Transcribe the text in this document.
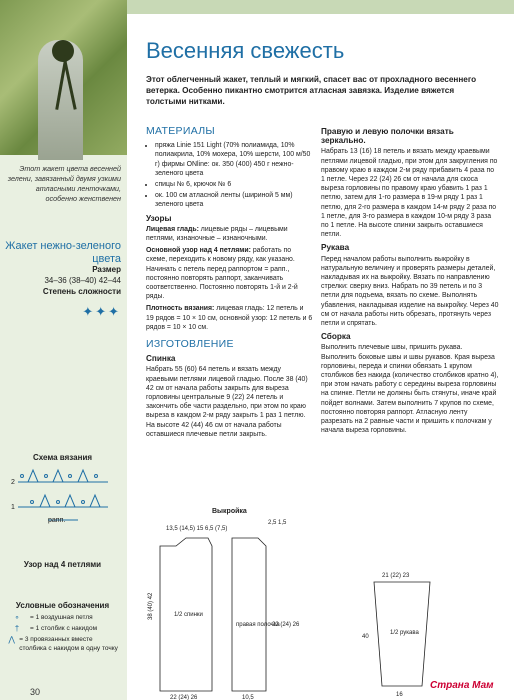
Этот жакет цвета весенней зелени, завязанный двумя узкими атласными ленточками, особенно женственен
Жакет нежно-зеленого цвета
Размер
34–36 (38–40) 42–44
Степень сложности
✦✦✦
Схема вязания
2
1
рапп.
Узор над 4 петлями
Условные обозначения
∘	= 1 воздушная петля
†	= 1 столбик с накидом
⋀ = 3 провязанных вместе столбика с накидом в одну точку
30
Весенняя свежесть
Этот облегченный жакет, теплый и мягкий, спасет вас от прохладного весеннего ветерка. Особенно пикантно смотрится атласная завязка. Изделие вяжется толстыми нитками.
МАТЕРИАЛЫ
• пряжа Linie 151 Light (70% полиамида, 10% полиакрила, 10% мохера, 10% шерсти, 100 м/50 г) фирмы ONline: ок. 350 (400) 450 г нежно-зеленого цвета
• спицы № 6, крючок № 6
• ок. 100 см атласной ленты (шириной 5 мм) зеленого цвета
Узоры

Лицевая гладь: лицевые ряды – лицевыми петлями, изнаночные – изнаночными.

Основной узор над 4 петлями: работать по схеме, переходить к новому ряду, как указано. Начинать с петель перед раппортом = рапп., постоянно повторять раппорт, заканчивать соответственно. Постоянно повторять 1-й и 2-й ряды.

Плотность вязания: лицевая гладь: 12 петель и 19 рядов = 10 × 10 см, основной узор: 12 петель и 6 рядов = 10 × 10 см.

ИЗГОТОВЛЕНИЕ
Спинка

Набрать 55 (60) 64 петель и вязать между краевыми петлями лицевой гладью. После 38 (40) 42 см от начала работы закрыть для выреза горловины центральные 9 (22) 24 петель и закончить обе части раздельно, при этом по краю выреза в каждом 2-м ряду закрыть 1 раз 1 петлю. На высоте 42 (44) 46 см от начала работы оставшиеся плечевые петли закрыть.

Правую и левую полочки вязать зеркально.

Набрать 13 (16) 18 петель и вязать между краевыми петлями лицевой гладью, при этом для закругления по правому краю в каждом 2-м ряду прибавить 4 раза по 1 петле. Через 22 (24) 26 см от начала для скоса выреза горловины по правому краю убавить 1 раз 1 петлю, затем для 1-го размера в 19-м ряду 1 раз 1 петлю, для 2-го размера в каждом 14-м ряду 2 раза по 1 петле, для 3-го размера в каждом 10-м ряду 3 раза по 1 петле. На высоте спинки закрыть оставшиеся петли.

Рукава

Перед началом работы выполнить выкройку в натуральную величину и проверять размеры деталей, накладывая их на выкройку. Вязать по направлению стрелки: сверху вниз. Набрать по 39 петель и по 3 петли для подъема, вязать по схеме. Выполнять убавления, накладывая изделие на выкройку. Через 40 см от начала работы нить обрезать, протянуть через петли и спрятать.

Сборка

Выполнить плечевые швы, пришить рукава. Выполнить боковые швы и швы рукавов. Края выреза горловины, переда и спинки обвязать 1 крупом столбиков без накида (количество столбиков кратно 4), при этом начать работу с середины выреза горловины на спинке. Петли не должны быть стянуты, иначе край пойдет волнами. Затем выполнить 7 крупов по схеме, постоянно повторяя раппорт. Атласную ленту разрезать на 2 равные части и пришить к полочкам у начала выреза горловины.

Выкройка
13,5 (14,5) 15 6,5 (7,5)
2,5 1,5
38 (40) 42	1/2 спинки
правая полочка
22 (24) 26	10,5
22 (24) 26
21 (22) 23
40
1/2 рукава
16
Страна Мам
